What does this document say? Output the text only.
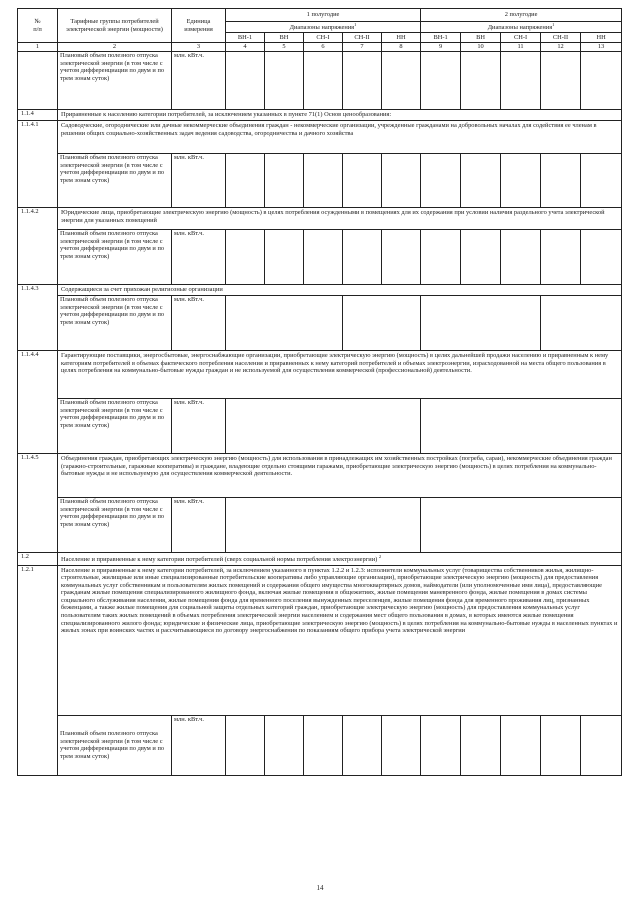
№
п/п	Тарифные группы потребителей электрической энергии (мощности)	Единица измерения	1 полугодие					2 полугодие				
			Диапазоны напряжения$^1$					Диапазоны напряжения$^1$
			ВН-1	ВН	СН-I	СН-II	НН	ВН-1	ВН	СН-I	СН-II	НН
1	2	3	4	5	6	7	8	9	10	11	12	13
	Плановый объем полезного отпуска электрической энергии (в том числе с учетом дифференциации по двум и по трем зонам суток)	млн. кВт.ч.										
1.1.4	Приравненные к населению категории потребителей, за исключением указанных в пункте 71(1) Основ ценообразования:											
1.1.4.1	Садоводческие, огороднические или дачные некоммерческие объединения граждан - некоммерческие организации, учрежденные гражданами на добровольных началах для содействия ее членам в решении общих социально-хозяйственных задач ведения садоводства, огородничества и дачного хозяйства											
	Плановый объем полезного отпуска электрической энергии (в том числе с учетом дифференциации по двум и по трем зонам суток)	млн. кВт.ч.										
1.1.4.2	Юридические лица, приобретающие электрическую энергию (мощность) в целях потребления осужденными в помещениях для их содержания при условии наличия раздельного учета электрической энергии для указанных помещений											
	Плановый объем полезного отпуска электрической энергии (в том числе с учетом дифференциации по двум и по трем зонам суток)	млн. кВт.ч.										
1.1.4.3	Содержащиеся за счет прихожан религиозные организации											
	Плановый объем полезного отпуска электрической энергии (в том числе с учетом дифференциации по двум и по трем зонам суток)	млн. кВт.ч.										
1.1.4.4	Гарантирующие поставщики, энергосбытовые, энергоснабжающие организации, приобретающие электрическую энергию (мощность) в целях дальнейшей продажи населению и приравненным к нему категориям потребителей в объемах фактического потребления населения и приравненных к нему категорий потребителей и объемах электроэнергии, израсходованной на места общего пользования в целях потребления на коммунально-бытовые нужды граждан и не используемой для осуществления коммерческой (профессиональной) деятельности.											
	Плановый объем полезного отпуска электрической энергии (в том числе с учетом дифференциации по двум и по трем зонам суток)	млн. кВт.ч.										
1.1.4.5	Объединения граждан, приобретающих электрическую энергию (мощность) для использования в принадлежащих им хозяйственных постройках (погреба, сараи), некоммерческие объединения граждан (гаражно-строительные, гаражные кооперативы) и граждане, владеющие отдельно стоящими гаражами, приобретающие электрическую энергию (мощность) в целях потребления на коммунально-бытовые нужды и не используемую для осуществления коммерческой деятельности.											
	Плановый объем полезного отпуска электрической энергии (в том числе с учетом дифференциации по двум и по трем зонам суток)	млн. кВт.ч.										
1.2	Население и приравненные к нему категории потребителей (сверх социальной нормы потребления электроэнергии) $^2$
1.2.1	Население и приравненные к нему категории потребителей, за исключением указанного в пунктах 1.2.2 и 1.2.3: исполнители коммунальных услуг (товарищества собственников жилья, жилищно-строительные, жилищные или иные специализированные потребительские кооперативы либо управляющие организации), приобретающие электрическую энергию (мощность) для предоставления коммунальных услуг собственникам и пользователям жилых помещений и содержания общего имущества многоквартирных домов, наймодатели (или уполномоченные ими лица), предоставляющие гражданам жилые помещения специализированного жилищного фонда, включая жилые помещения в общежитиях, жилые помещения маневренного фонда, жилые помещения в домах системы социального обслуживания населения, жилые помещения фонда для временного поселения вынужденных переселенцев, жилые помещения фонда для временного проживания лиц, признанных беженцами, а также жилые помещения для социальной защиты отдельных категорий граждан, приобретающие электрическую энергию (мощность) для предоставления коммунальных услуг пользователям таких жилых помещений в объемах потребления электрической энергии населением и содержания мест общего пользования в домах, в которых имеются жилые помещения специализированного жилого фонда; юридические и физические лица, приобретающие электрическую энергию (мощность) в целях потребления на коммунально-бытовые нужды в населенных пунктах и жилых зонах при воинских частях и рассчитывающиеся по договору энергоснабжения по показаниям общего прибора учета электрической энергии											
	Плановый объем полезного отпуска электрической энергии (в том числе с учетом дифференциации по двум и по трем зонам суток)	млн. кВт.ч.										
14
